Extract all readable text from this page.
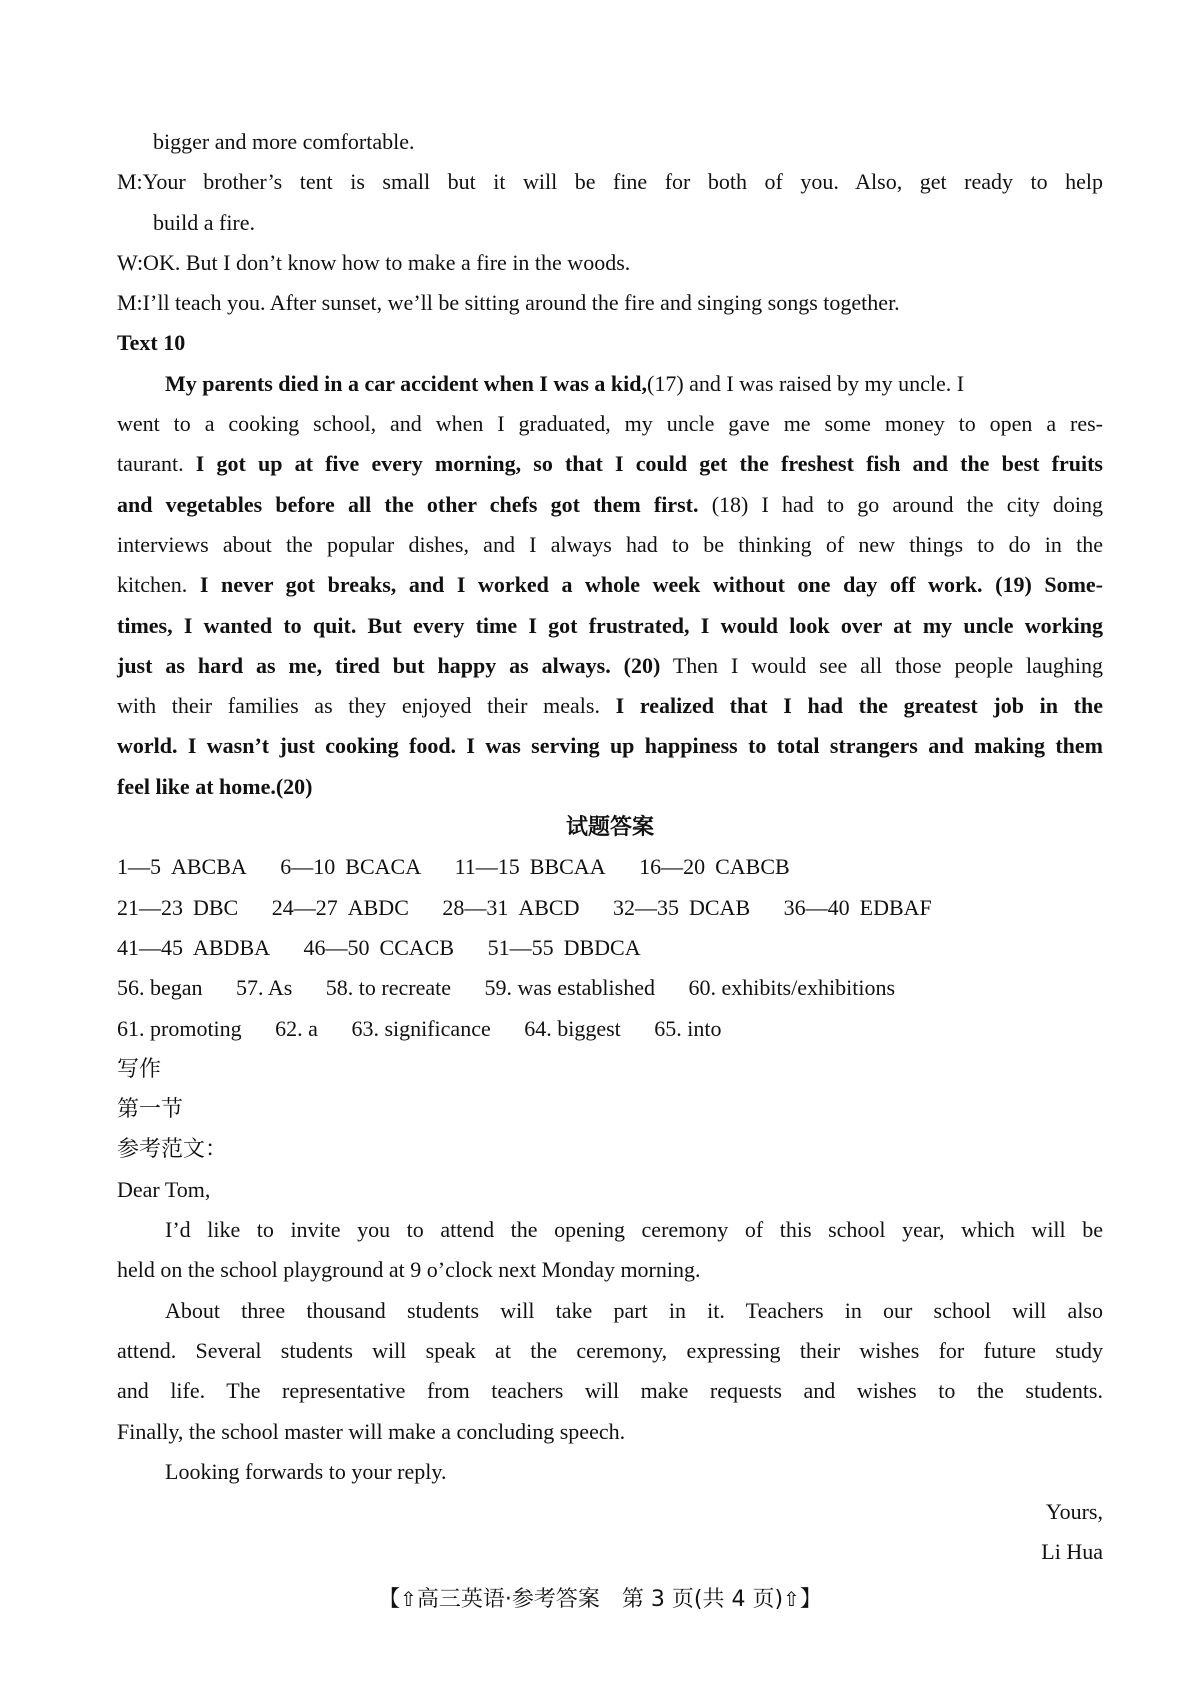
bigger and more comfortable.
M:Your brother’s tent is small but it will be fine for both of you. Also, get ready to help
build a fire.
W:OK. But I don’t know how to make a fire in the woods.
M:I’ll teach you. After sunset, we’ll be sitting around the fire and singing songs together.
Text 10
My parents died in a car accident when I was a kid,(17) and I was raised by my uncle. I
went to a cooking school, and when I graduated, my uncle gave me some money to open a res-
taurant. I got up at five every morning, so that I could get the freshest fish and the best fruits
and vegetables before all the other chefs got them first. (18) I had to go around the city doing
interviews about the popular dishes, and I always had to be thinking of new things to do in the
kitchen. I never got breaks, and I worked a whole week without one day off work. (19) Some-
times, I wanted to quit. But every time I got frustrated, I would look over at my uncle working
just as hard as me, tired but happy as always. (20) Then I would see all those people laughing
with their families as they enjoyed their meals. I realized that I had the greatest job in the
world. I wasn’t just cooking food. I was serving up happiness to total strangers and making them
feel like at home.(20)
试题答案
1—5 ABCBA 6—10 BCACA 11—15 BBCAA 16—20 CABCB
21—23 DBC 24—27 ABDC 28—31 ABCD 32—35 DCAB 36—40 EDBAF
41—45 ABDBA 46—50 CCACB 51—55 DBDCA
56. began 57. As 58. to recreate 59. was established 60. exhibits/exhibitions
61. promoting 62. a 63. significance 64. biggest 65. into
写作
第一节
参考范文：
Dear Tom,
I’d like to invite you to attend the opening ceremony of this school year, which will be
held on the school playground at 9 o’clock next Monday morning.
About three thousand students will take part in it. Teachers in our school will also
attend. Several students will speak at the ceremony, expressing their wishes for future study
and life. The representative from teachers will make requests and wishes to the students.
Finally, the school master will make a concluding speech.
Looking forwards to your reply.
Yours,
Li Hua
【⇧高三英语·参考答案　第 3 页(共 4 页)⇧】
